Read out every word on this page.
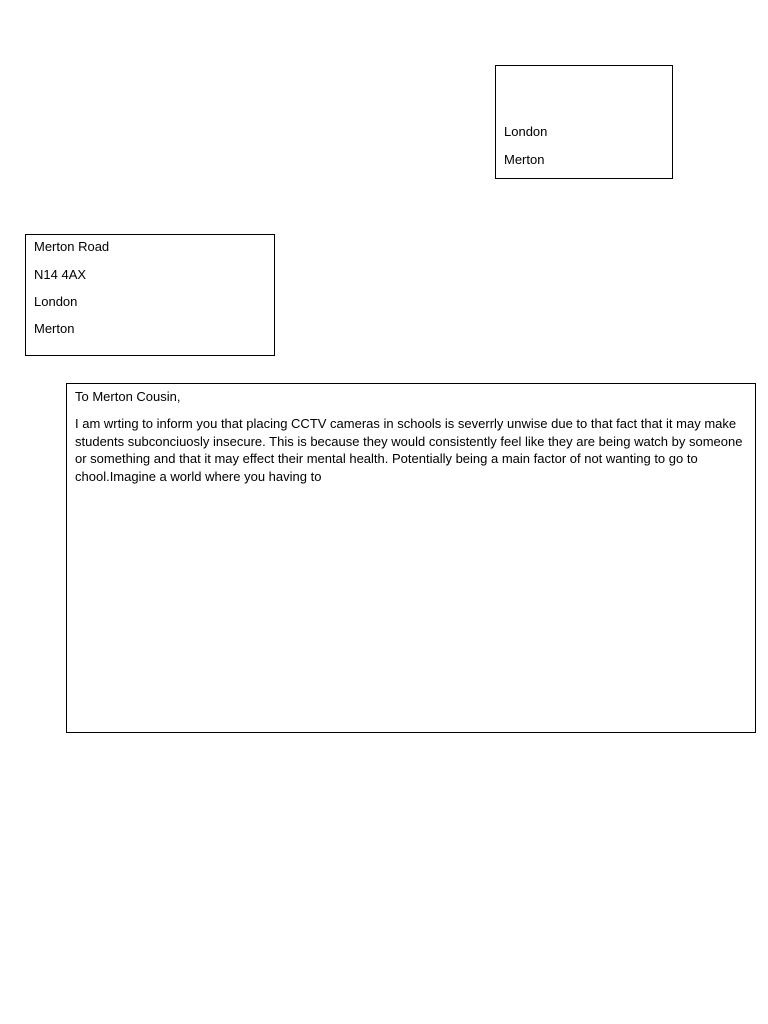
London
Merton
Merton Road
N14 4AX
London
Merton
To Merton Cousin,

I am wrting to inform you that placing CCTV cameras in schools is severrly unwise due to that fact that it may make students subconciuosly insecure. This is because they would consistently feel like they are being watch by someone or something and that it may effect their mental health. Potentially being a main factor of not wanting to go to chool.Imagine a world where you having to
